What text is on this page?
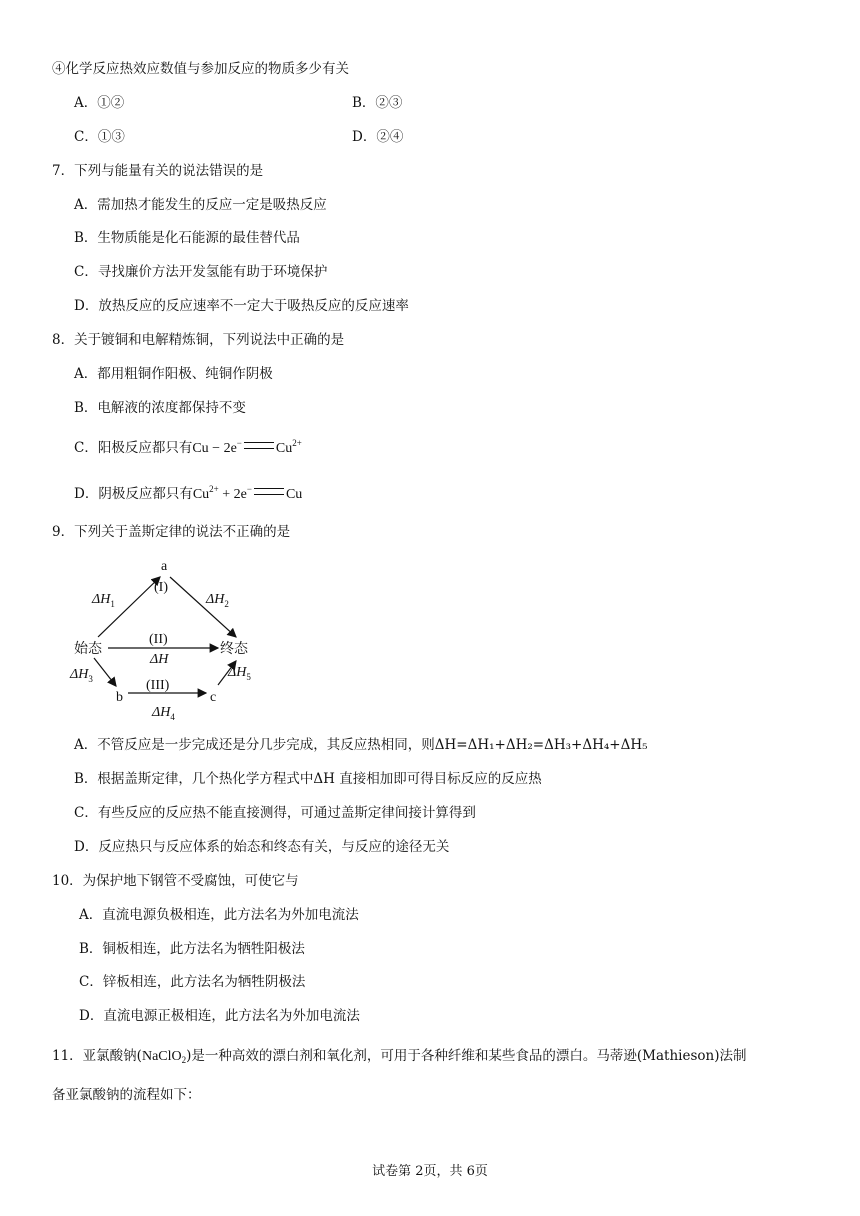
④化学反应热效应数值与参加反应的物质多少有关
A．①②	B．②③
C．①③	D．②④
7．下列与能量有关的说法错误的是
A．需加热才能发生的反应一定是吸热反应
B．生物质能是化石能源的最佳替代品
C．寻找廉价方法开发氢能有助于环境保护
D．放热反应的反应速率不一定大于吸热反应的反应速率
8．关于镀铜和电解精炼铜，下列说法中正确的是
A．都用粗铜作阳极、纯铜作阴极
B．电解液的浓度都保持不变
C．阳极反应都只有Cu − 2e− $Cu^{2+}$
D．阴极反应都只有$Cu^{2+} + 2e^-$ Cu
9．下列关于盖斯定律的说法不正确的是
a
始态	终态
b	c
(I)
(II)
(III)
ΔH
$\Delta H_1$	$\Delta H_2$
$\Delta H_3$
$\Delta H_4$
$\Delta H_5$
A．不管反应是一步完成还是分几步完成，其反应热相同，则ΔH=ΔH₁+ΔH₂=ΔH₃+ΔH₄+ΔH₅
B．根据盖斯定律，几个热化学方程式中ΔH 直接相加即可得目标反应的反应热
C．有些反应的反应热不能直接测得，可通过盖斯定律间接计算得到
D．反应热只与反应体系的始态和终态有关，与反应的途径无关
10．为保护地下钢管不受腐蚀，可使它与
A．直流电源负极相连，此方法名为外加电流法
B．铜板相连，此方法名为牺牲阳极法
C．锌板相连，此方法名为牺牲阴极法
D．直流电源正极相连，此方法名为外加电流法
11．亚氯酸钠(NaClO$_2$)是一种高效的漂白剂和氧化剂，可用于各种纤维和某些食品的漂白。马蒂逊(Mathieson)法制
备亚氯酸钠的流程如下：
试卷第 2页，共 6页
